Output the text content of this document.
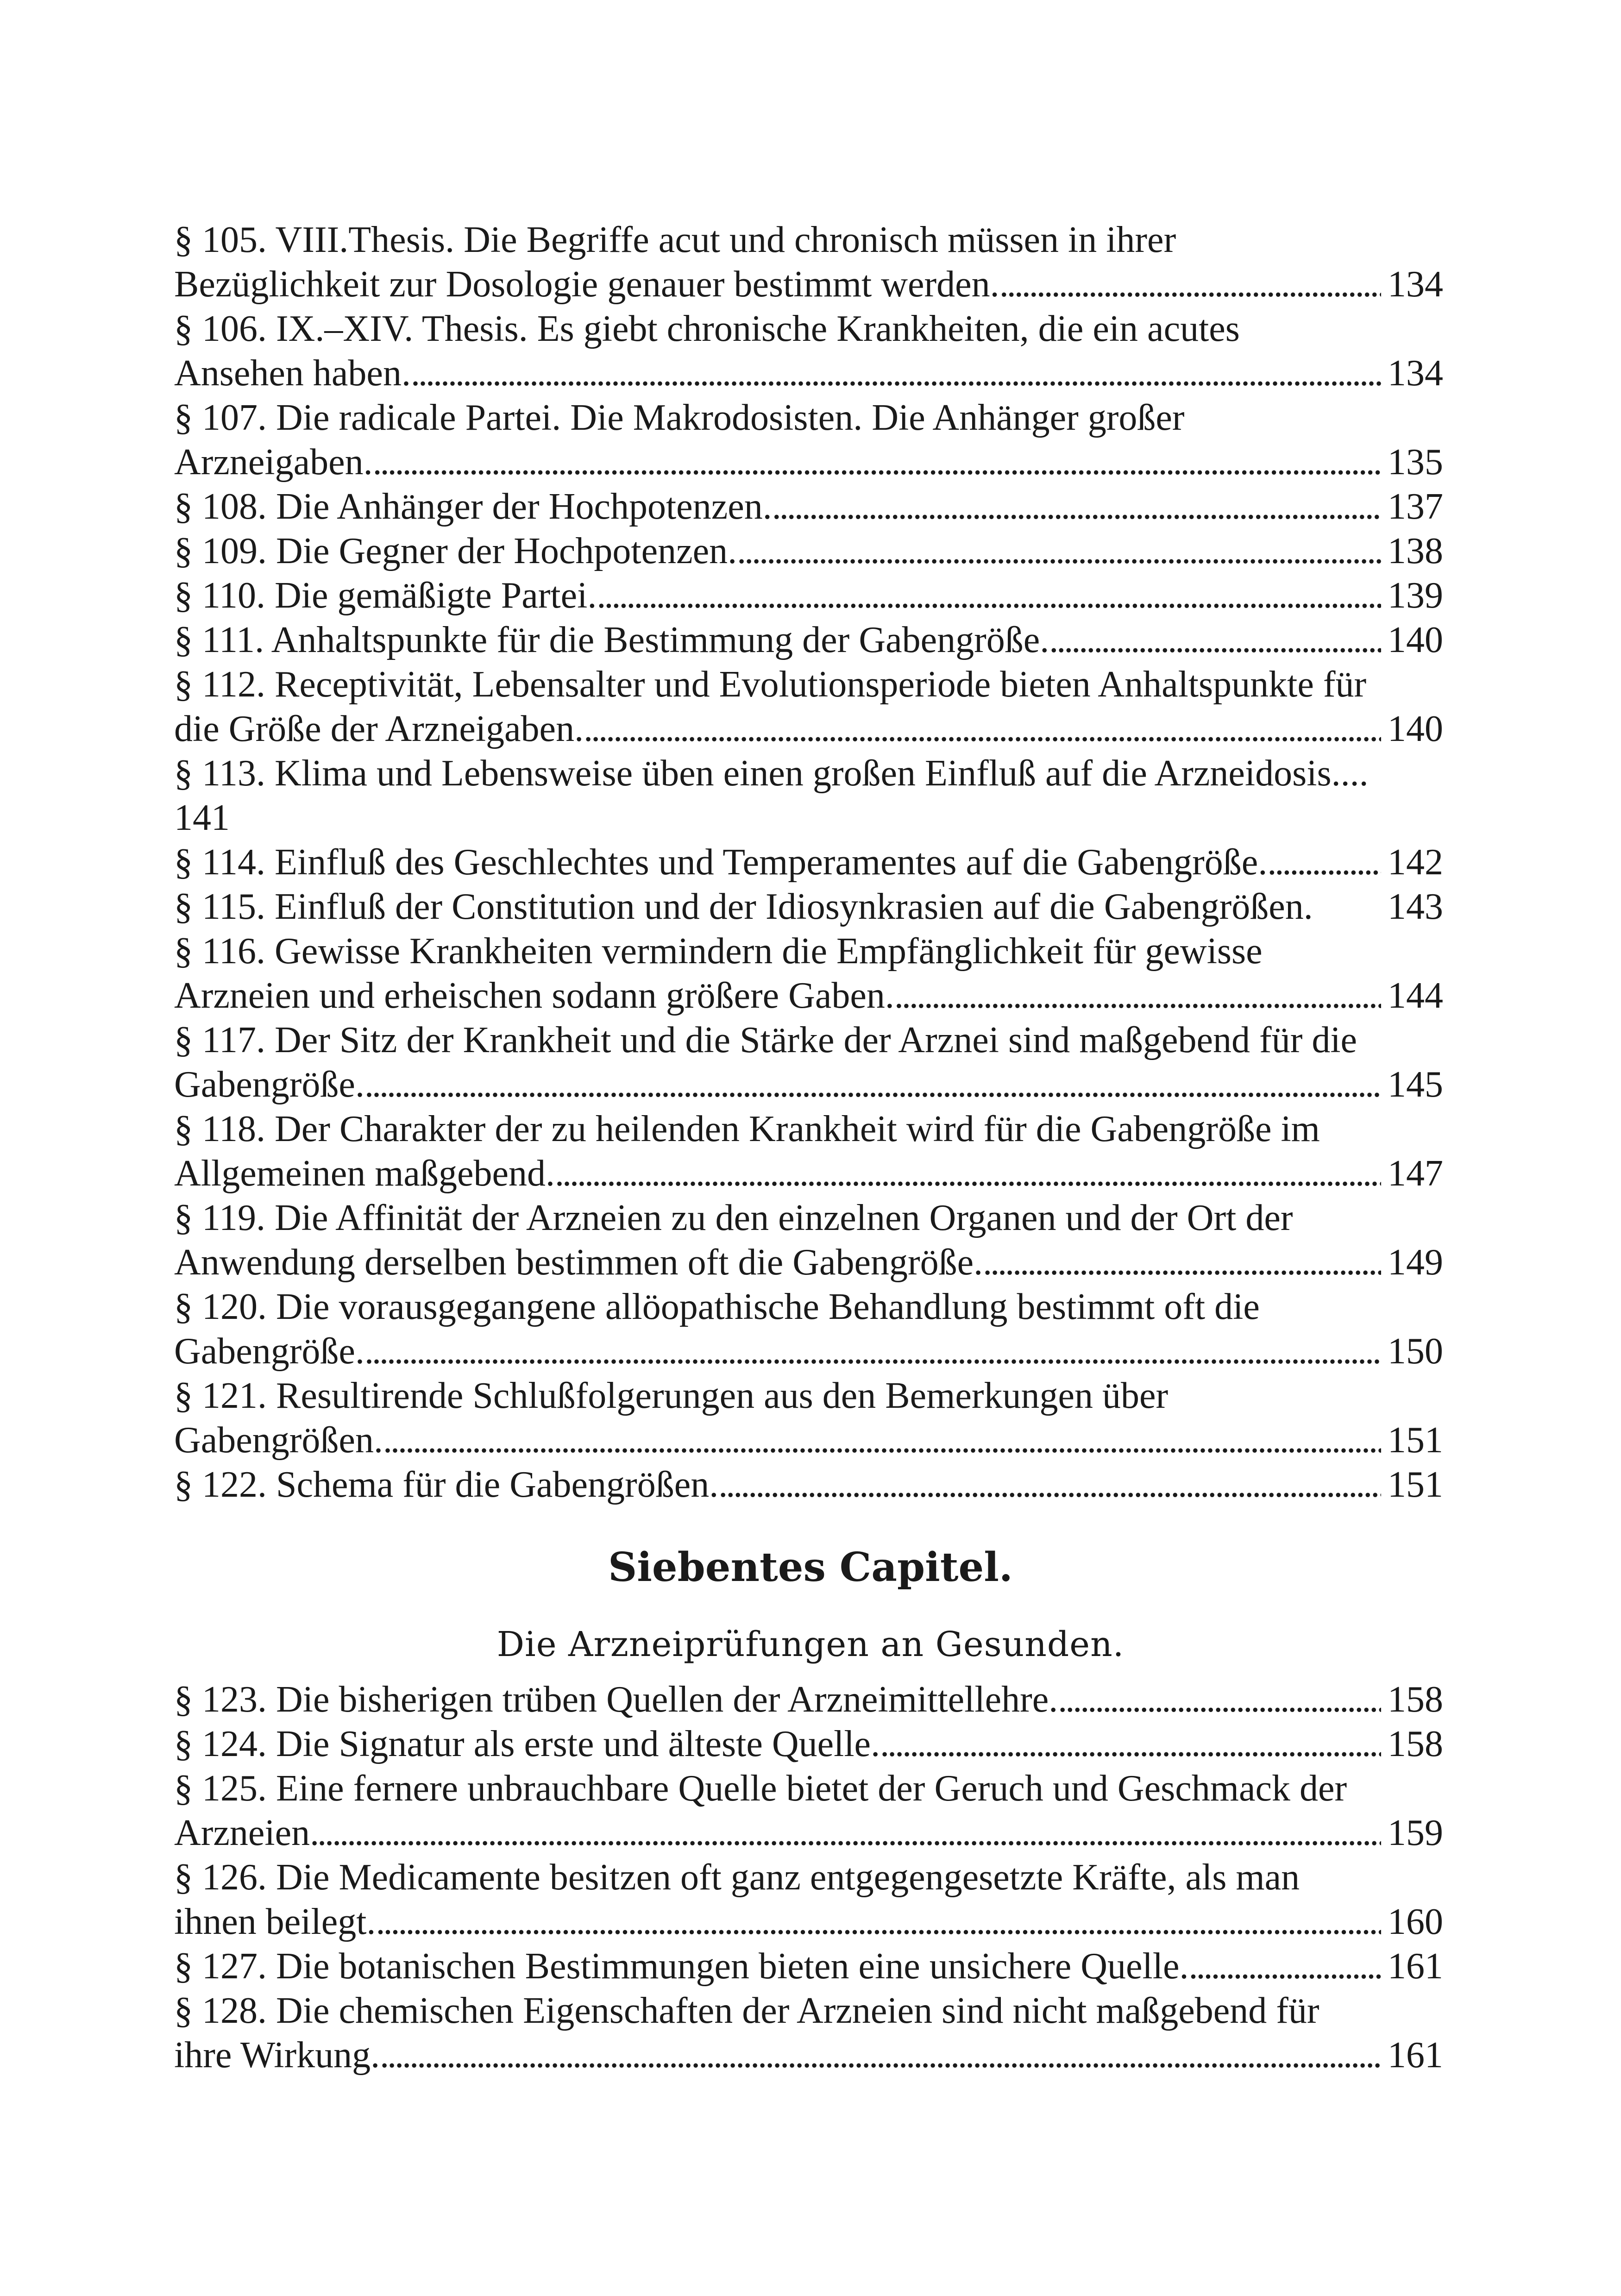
§ 105. VIII.Thesis. Die Begriffe acut und chronisch müssen in ihrer
Bezüglichkeit zur Dosologie genauer bestimmt werden. . . .	134
§ 106. IX.–XIV. Thesis. Es giebt chronische Krankheiten, die ein acutes
Ansehen haben. . . .	134
§ 107. Die radicale Partei. Die Makrodosisten. Die Anhänger großer
Arzneigaben. . . .	135
§ 108. Die Anhänger der Hochpotenzen. . . .	137
§ 109. Die Gegner der Hochpotenzen. . . .	138
§ 110. Die gemäßigte Partei. . . .	139
§ 111. Anhaltspunkte für die Bestimmung der Gabengröße. . . .	140
§ 112. Receptivität, Lebensalter und Evolutionsperiode bieten Anhaltspunkte für
die Größe der Arzneigaben. . . .	140
§ 113. Klima und Lebensweise üben einen großen Einfluß auf die Arzneidosis....
141
§ 114. Einfluß des Geschlechtes und Temperamentes auf die Gabengröße. . . .	142
§ 115. Einfluß der Constitution und der Idiosynkrasien auf die Gabengrößen. 143
§ 116. Gewisse Krankheiten vermindern die Empfänglichkeit für gewisse
Arzneien und erheischen sodann größere Gaben. . . .	144
§ 117. Der Sitz der Krankheit und die Stärke der Arznei sind maßgebend für die
Gabengröße. . . .	145
§ 118. Der Charakter der zu heilenden Krankheit wird für die Gabengröße im
Allgemeinen maßgebend. . . .	147
§ 119. Die Affinität der Arzneien zu den einzelnen Organen und der Ort der
Anwendung derselben bestimmen oft die Gabengröße. . . .	149
§ 120. Die vorausgegangene allöopathische Behandlung bestimmt oft die
Gabengröße. . . .	150
§ 121. Resultirende Schlußfolgerungen aus den Bemerkungen über
Gabengrößen. . . .	151
§ 122. Schema für die Gabengrößen. . . .	151
Siebentes Capitel.
Die Arzneiprüfungen an Gesunden.
§ 123. Die bisherigen trüben Quellen der Arzneimittellehre. . . .	158
§ 124. Die Signatur als erste und älteste Quelle. . . .	158
§ 125. Eine fernere unbrauchbare Quelle bietet der Geruch und Geschmack der
Arzneien . . .	159
§ 126. Die Medicamente besitzen oft ganz entgegengesetzte Kräfte, als man
ihnen beilegt. . . .	160
§ 127. Die botanischen Bestimmungen bieten eine unsichere Quelle. . . .	161
§ 128. Die chemischen Eigenschaften der Arzneien sind nicht maßgebend für
ihre Wirkung. . . .	161
